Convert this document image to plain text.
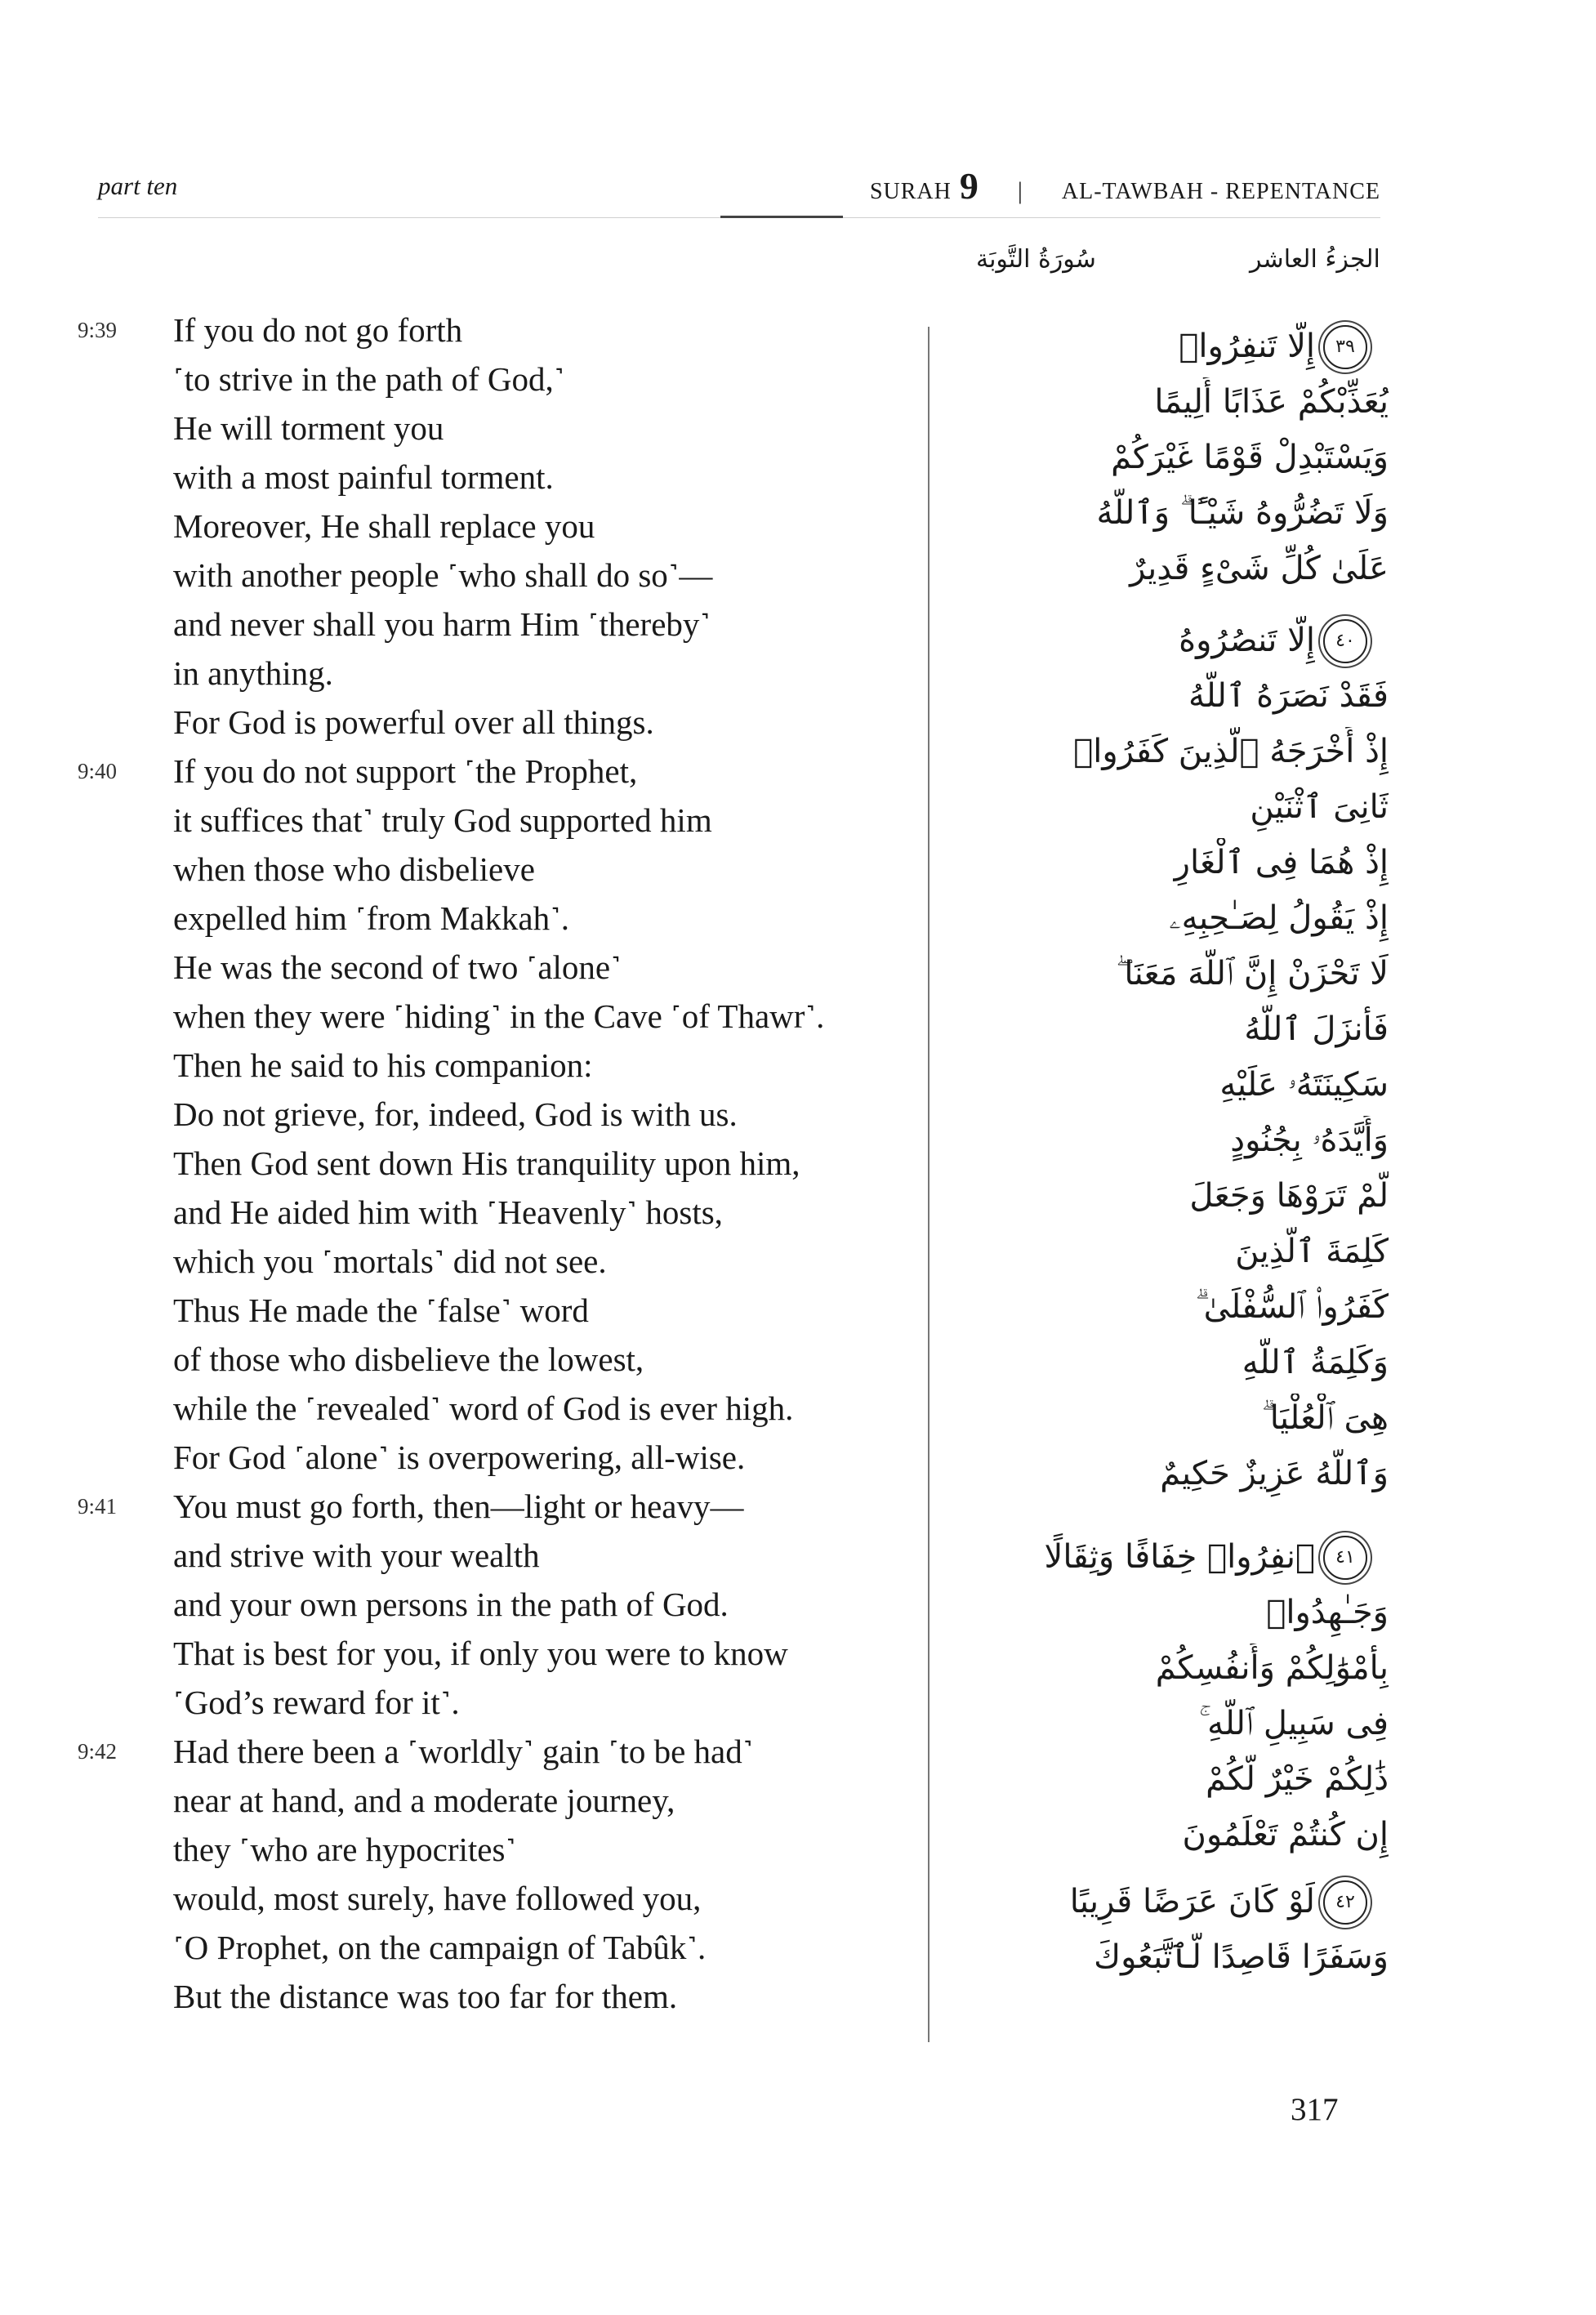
part ten	SURAH 9 | AL-TAWBAH - REPENTANCE
الجزءُ العاشر
سُورَةُ التَّوبَة
9:39
9:40
9:41
9:42
If you do not go forth
˹to strive in the path of God,˺
He will torment you
with a most painful torment.
Moreover, He shall replace you
with another people ˹who shall do so˺—
and never shall you harm Him ˹thereby˺
in anything.
For God is powerful over all things.
If you do not support ˹the Prophet,
it suffices that˺ truly God supported him
when those who disbelieve
expelled him ˹from Makkah˺.
He was the second of two ˹alone˺
when they were ˹hiding˺ in the Cave ˹of Thawr˺.
Then he said to his companion:
Do not grieve, for, indeed, God is with us.
Then God sent down His tranquility upon him,
and He aided him with ˹Heavenly˺ hosts,
which you ˹mortals˺ did not see.
Thus He made the ˹false˺ word
of those who disbelieve the lowest,
while the ˹revealed˺ word of God is ever high.
For God ˹alone˺ is overpowering, all-wise.
You must go forth, then—light or heavy—
and strive with your wealth
and your own persons in the path of God.
That is best for you, if only you were to know
˹God’s reward for it˺.
Had there been a ˹worldly˺ gain ˹to be had˺
near at hand, and a moderate journey,
they ˹who are hypocrites˺
would, most surely, have followed you,
˹O Prophet, on the campaign of Tabûk˺.
But the distance was too far for them.
٣٩
٤٠
٤١
٤٢
إِلَّا تَنفِرُوا۟
يُعَذِّبْكُمْ عَذَابًا أَلِيمًا
وَيَسْتَبْدِلْ قَوْمًا غَيْرَكُمْ
وَلَا تَضُرُّوهُ شَيْـًٔا ۗ وَٱللَّهُ
عَلَىٰ كُلِّ شَىْءٍ قَدِيرٌ
إِلَّا تَنصُرُوهُ
فَقَدْ نَصَرَهُ ٱللَّهُ
إِذْ أَخْرَجَهُ ٱلَّذِينَ كَفَرُوا۟
ثَانِىَ ٱثْنَيْنِ
إِذْ هُمَا فِى ٱلْغَارِ
إِذْ يَقُولُ لِصَـٰحِبِهِۦ
لَا تَحْزَنْ إِنَّ ٱللَّهَ مَعَنَا ۖ
فَأَنزَلَ ٱللَّهُ
سَكِينَتَهُۥ عَلَيْهِ
وَأَيَّدَهُۥ بِجُنُودٍ
لَّمْ تَرَوْهَا وَجَعَلَ
كَلِمَةَ ٱلَّذِينَ
كَفَرُوا۟ ٱلسُّفْلَىٰ ۗ
وَكَلِمَةُ ٱللَّهِ
هِىَ ٱلْعُلْيَا ۗ
وَٱللَّهُ عَزِيزٌ حَكِيمٌ
ٱنفِرُوا۟ خِفَافًا وَثِقَالًا
وَجَـٰهِدُوا۟
بِأَمْوَٰلِكُمْ وَأَنفُسِكُمْ
فِى سَبِيلِ ٱللَّهِ ۚ
ذَٰلِكُمْ خَيْرٌ لَّكُمْ
إِن كُنتُمْ تَعْلَمُونَ
لَوْ كَانَ عَرَضًا قَرِيبًا
وَسَفَرًا قَاصِدًا لَّٱتَّبَعُوكَ
317
